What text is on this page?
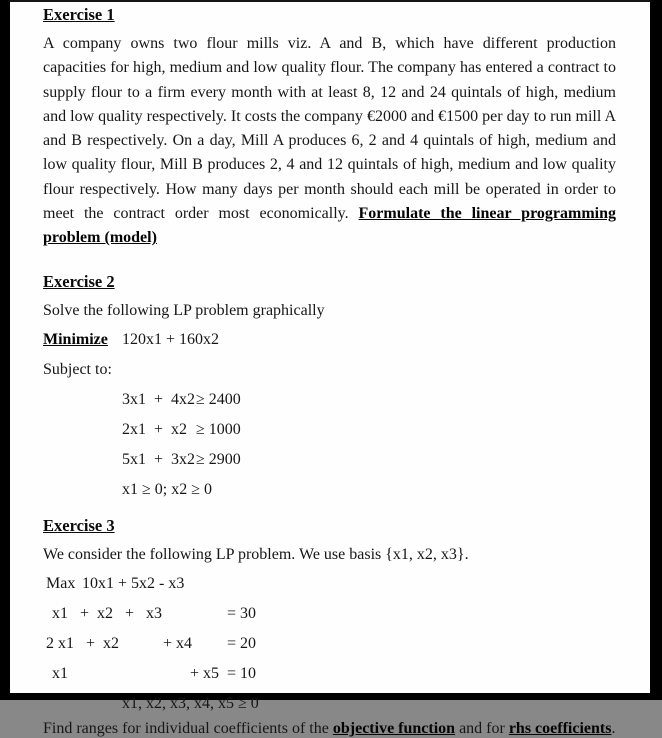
Exercise 1

A company owns two flour mills viz. A and B, which have different production capacities for high, medium and low quality flour. The company has entered a contract to supply flour to a firm every month with at least 8, 12 and 24 quintals of high, medium and low quality respectively. It costs the company €2000 and €1500 per day to run mill A and B respectively. On a day, Mill A produces 6, 2 and 4 quintals of high, medium and low quality flour, Mill B produces 2, 4 and 12 quintals of high, medium and low quality flour respectively. How many days per month should each mill be operated in order to meet the contract order most economically. Formulate the linear programming problem (model)

Exercise 2
Solve the following LP problem graphically
Minimize 120x1 + 160x2
Subject to:
3x1  +  4x2 ≥ 2400
2x1  +  x2 ≥ 1000
5x1  +  3x2 ≥ 2900
x1 ≥ 0; x2 ≥ 0
Exercise 3
We consider the following LP problem. We use basis {x1, x2, x3}.
Max 10x1 + 5x2 - x3
x1   +  x2   +   x3	= 30
2 x1   +  x2	+ x4 = 20
x1	+ x5 = 10
x1, x2, x3, x4, x5 ≥ 0

Find ranges for individual coefficients of the objective function and for rhs coefficients.
